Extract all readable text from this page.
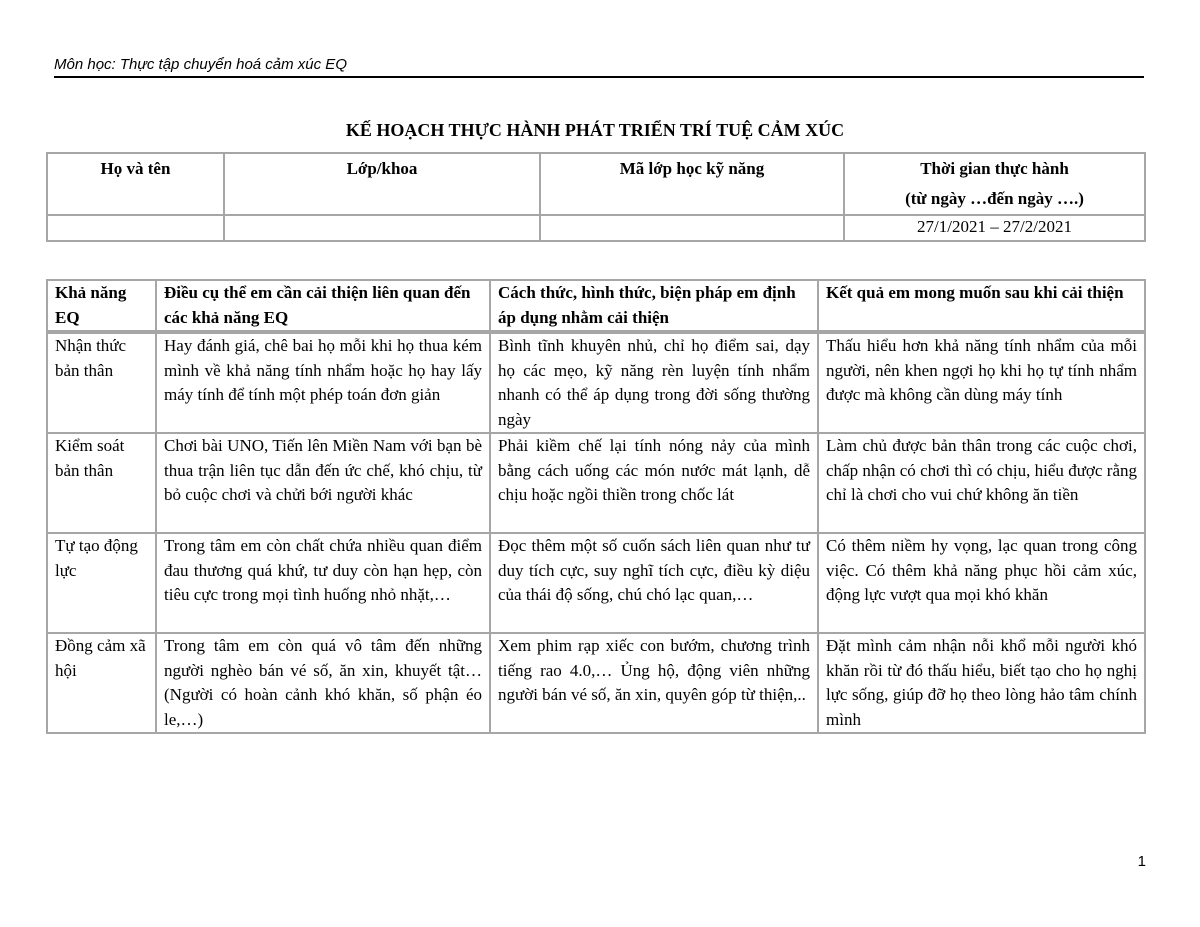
Môn học: Thực tập chuyển hoá cảm xúc EQ
KẾ HOẠCH THỰC HÀNH PHÁT TRIỂN TRÍ TUỆ CẢM XÚC
Họ và tên	Lớp/khoa	Mã lớp học kỹ năng	Thời gian thực hành
(từ ngày …đến ngày ….)

			27/1/2021 – 27/2/2021
Khả năng EQ	Điều cụ thể em cần cải thiện liên quan đến các khả năng EQ	Cách thức, hình thức, biện pháp em định áp dụng nhằm cải thiện	Kết quả em mong muốn sau khi cải thiện
Nhận thức bản thân	Hay đánh giá, chê bai họ mỗi khi họ thua kém mình về khả năng tính nhẩm hoặc họ hay lấy máy tính để tính một phép toán đơn giản	Bình tĩnh khuyên nhủ, chỉ họ điểm sai, dạy họ các mẹo, kỹ năng rèn luyện tính nhẩm nhanh có thể áp dụng trong đời sống thường ngày	Thấu hiểu hơn khả năng tính nhẩm của mỗi người, nên khen ngợi họ khi họ tự tính nhẩm được mà không cần dùng máy tính
Kiểm soát bản thân	Chơi bài UNO, Tiến lên Miền Nam với bạn bè thua trận liên tục dẫn đến ức chế, khó chịu, từ bỏ cuộc chơi và chửi bới người khác	Phải kiềm chế lại tính nóng nảy của mình bằng cách uống các món nước mát lạnh, dễ chịu hoặc ngồi thiền trong chốc lát	Làm chủ được bản thân trong các cuộc chơi, chấp nhận có chơi thì có chịu, hiểu được rằng chỉ là chơi cho vui chứ không ăn tiền
Tự tạo động lực	Trong tâm em còn chất chứa nhiều quan điểm đau thương quá khứ, tư duy còn hạn hẹp, còn tiêu cực trong mọi tình huống nhỏ nhặt,…	Đọc thêm một số cuốn sách liên quan như tư duy tích cực, suy nghĩ tích cực, điều kỳ diệu của thái độ sống, chú chó lạc quan,…	Có thêm niềm hy vọng, lạc quan trong công việc. Có thêm khả năng phục hồi cảm xúc, động lực vượt qua mọi khó khăn
Đồng cảm xã hội	Trong tâm em còn quá vô tâm đến những người nghèo bán vé số, ăn xin, khuyết tật… (Người có hoàn cảnh khó khăn, số phận éo le,…)	Xem phim rạp xiếc con bướm, chương trình tiếng rao 4.0,… Ủng hộ, động viên những người bán vé số, ăn xin, quyên góp từ thiện,..	Đặt mình cảm nhận nỗi khổ mỗi người khó khăn rồi từ đó thấu hiểu, biết tạo cho họ nghị lực sống, giúp đỡ họ theo lòng hảo tâm chính mình
1
